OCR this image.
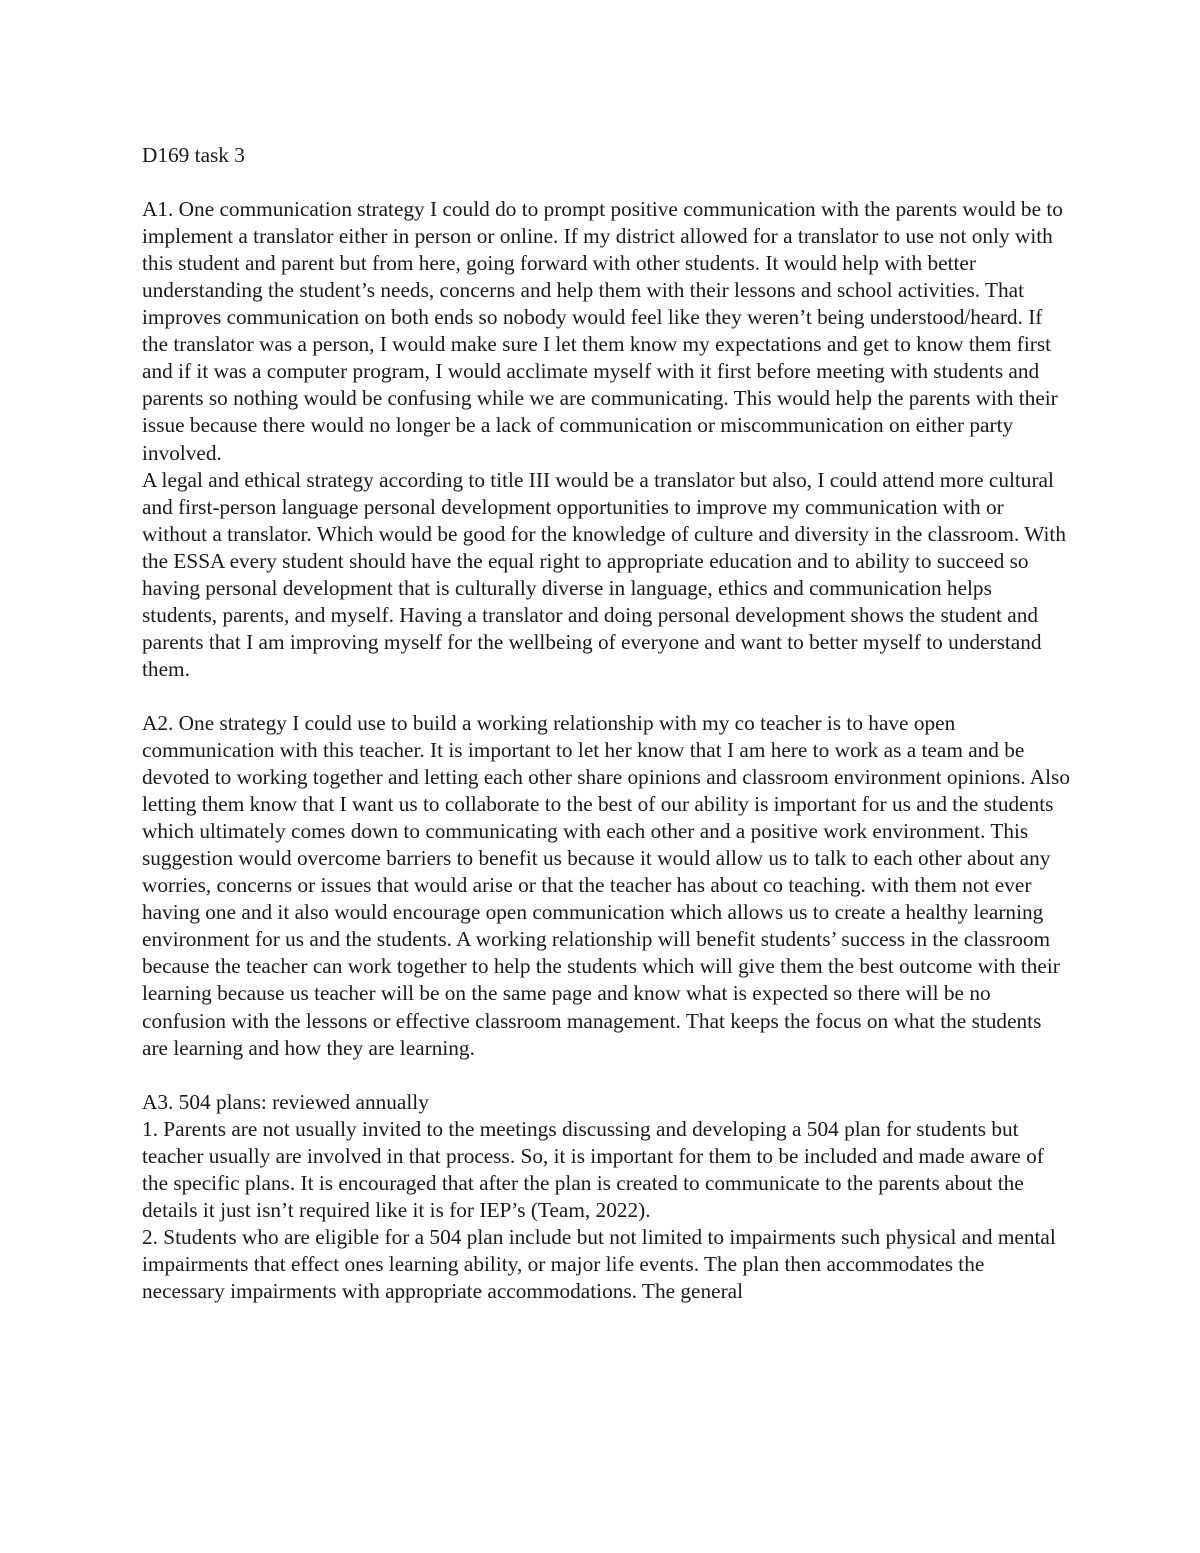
D169 task 3

A1. One communication strategy I could do to prompt positive communication with the parents would be to implement a translator either in person or online. If my district allowed for a translator to use not only with this student and parent but from here, going forward with other students. It would help with better understanding the student’s needs, concerns and help them with their lessons and school activities. That improves communication on both ends so nobody would feel like they weren’t being understood/heard. If the translator was a person, I would make sure I let them know my expectations and get to know them first and if it was a computer program, I would acclimate myself with it first before meeting with students and parents so nothing would be confusing while we are communicating. This would help the parents with their issue because there would no longer be a lack of communication or miscommunication on either party involved.

A legal and ethical strategy according to title III would be a translator but also, I could attend more cultural and first-person language personal development opportunities to improve my communication with or without a translator. Which would be good for the knowledge of culture and diversity in the classroom. With the ESSA every student should have the equal right to appropriate education and to ability to succeed so having personal development that is culturally diverse in language, ethics and communication helps students, parents, and myself. Having a translator and doing personal development shows the student and parents that I am improving myself for the wellbeing of everyone and want to better myself to understand them.

A2. One strategy I could use to build a working relationship with my co teacher is to have open communication with this teacher. It is important to let her know that I am here to work as a team and be devoted to working together and letting each other share opinions and classroom environment opinions. Also letting them know that I want us to collaborate to the best of our ability is important for us and the students which ultimately comes down to communicating with each other and a positive work environment. This suggestion would overcome barriers to benefit us because it would allow us to talk to each other about any worries, concerns or issues that would arise or that the teacher has about co teaching. with them not ever having one and it also would encourage open communication which allows us to create a healthy learning environment for us and the students. A working relationship will benefit students’ success in the classroom because the teacher can work together to help the students which will give them the best outcome with their learning because us teacher will be on the same page and know what is expected so there will be no confusion with the lessons or effective classroom management. That keeps the focus on what the students are learning and how they are learning.

A3. 504 plans: reviewed annually

1. Parents are not usually invited to the meetings discussing and developing a 504 plan for students but teacher usually are involved in that process. So, it is important for them to be included and made aware of the specific plans. It is encouraged that after the plan is created to communicate to the parents about the details it just isn’t required like it is for IEP’s (Team, 2022).

2. Students who are eligible for a 504 plan include but not limited to impairments such physical and mental impairments that effect ones learning ability, or major life events. The plan then accommodates the necessary impairments with appropriate accommodations. The general
